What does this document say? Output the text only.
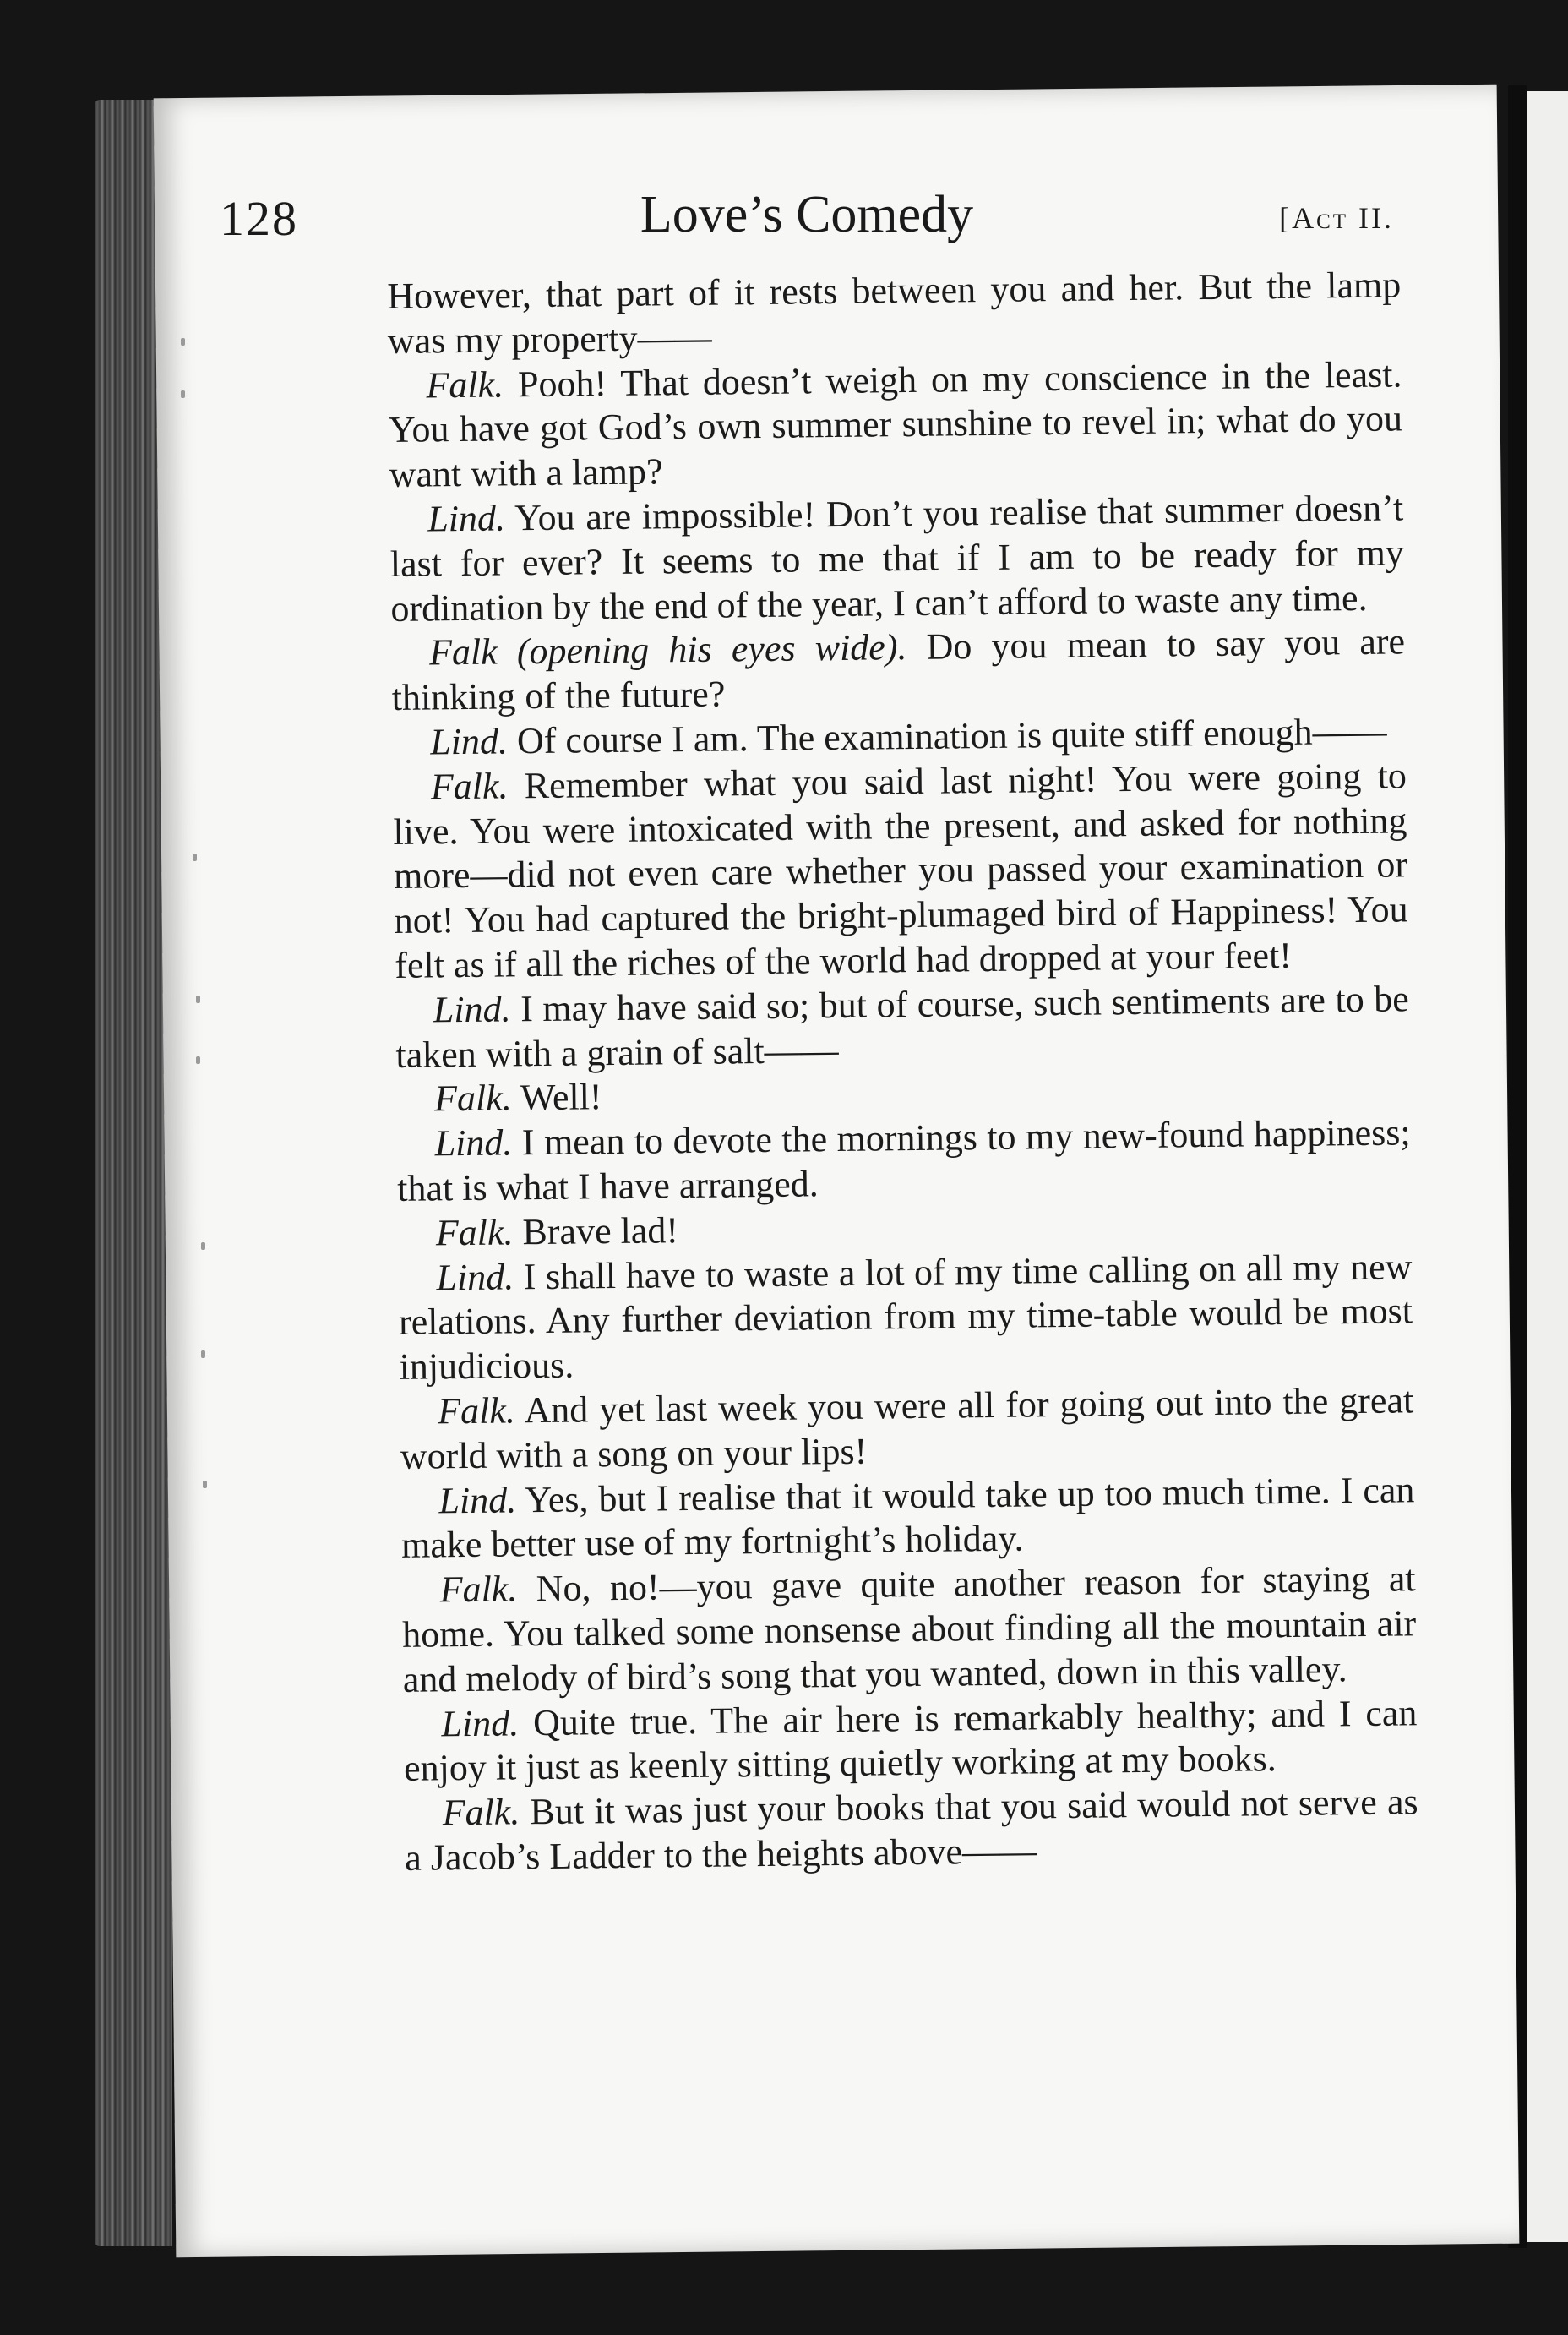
128	Love’s Comedy	[Act II.

However, that part of it rests between you and her. But the lamp was my property——

Falk. Pooh! That doesn’t weigh on my conscience in the least. You have got God’s own summer sunshine to revel in; what do you want with a lamp?

Lind. You are impossible! Don’t you realise that summer doesn’t last for ever? It seems to me that if I am to be ready for my ordination by the end of the year, I can’t afford to waste any time.

Falk (opening his eyes wide). Do you mean to say you are thinking of the future?

Lind. Of course I am. The examination is quite stiff enough——

Falk. Remember what you said last night! You were going to live. You were intoxicated with the present, and asked for nothing more—did not even care whether you passed your examination or not! You had captured the bright-plumaged bird of Happiness! You felt as if all the riches of the world had dropped at your feet!

Lind. I may have said so; but of course, such sentiments are to be taken with a grain of salt——

Falk. Well!

Lind. I mean to devote the mornings to my new-found happiness; that is what I have arranged.

Falk. Brave lad!

Lind. I shall have to waste a lot of my time calling on all my new relations. Any further deviation from my time-table would be most injudicious.

Falk. And yet last week you were all for going out into the great world with a song on your lips!

Lind. Yes, but I realise that it would take up too much time. I can make better use of my fortnight’s holiday.

Falk. No, no!—you gave quite another reason for staying at home. You talked some nonsense about finding all the mountain air and melody of bird’s song that you wanted, down in this valley.

Lind. Quite true. The air here is remarkably healthy; and I can enjoy it just as keenly sitting quietly working at my books.

Falk. But it was just your books that you said would not serve as a Jacob’s Ladder to the heights above——
